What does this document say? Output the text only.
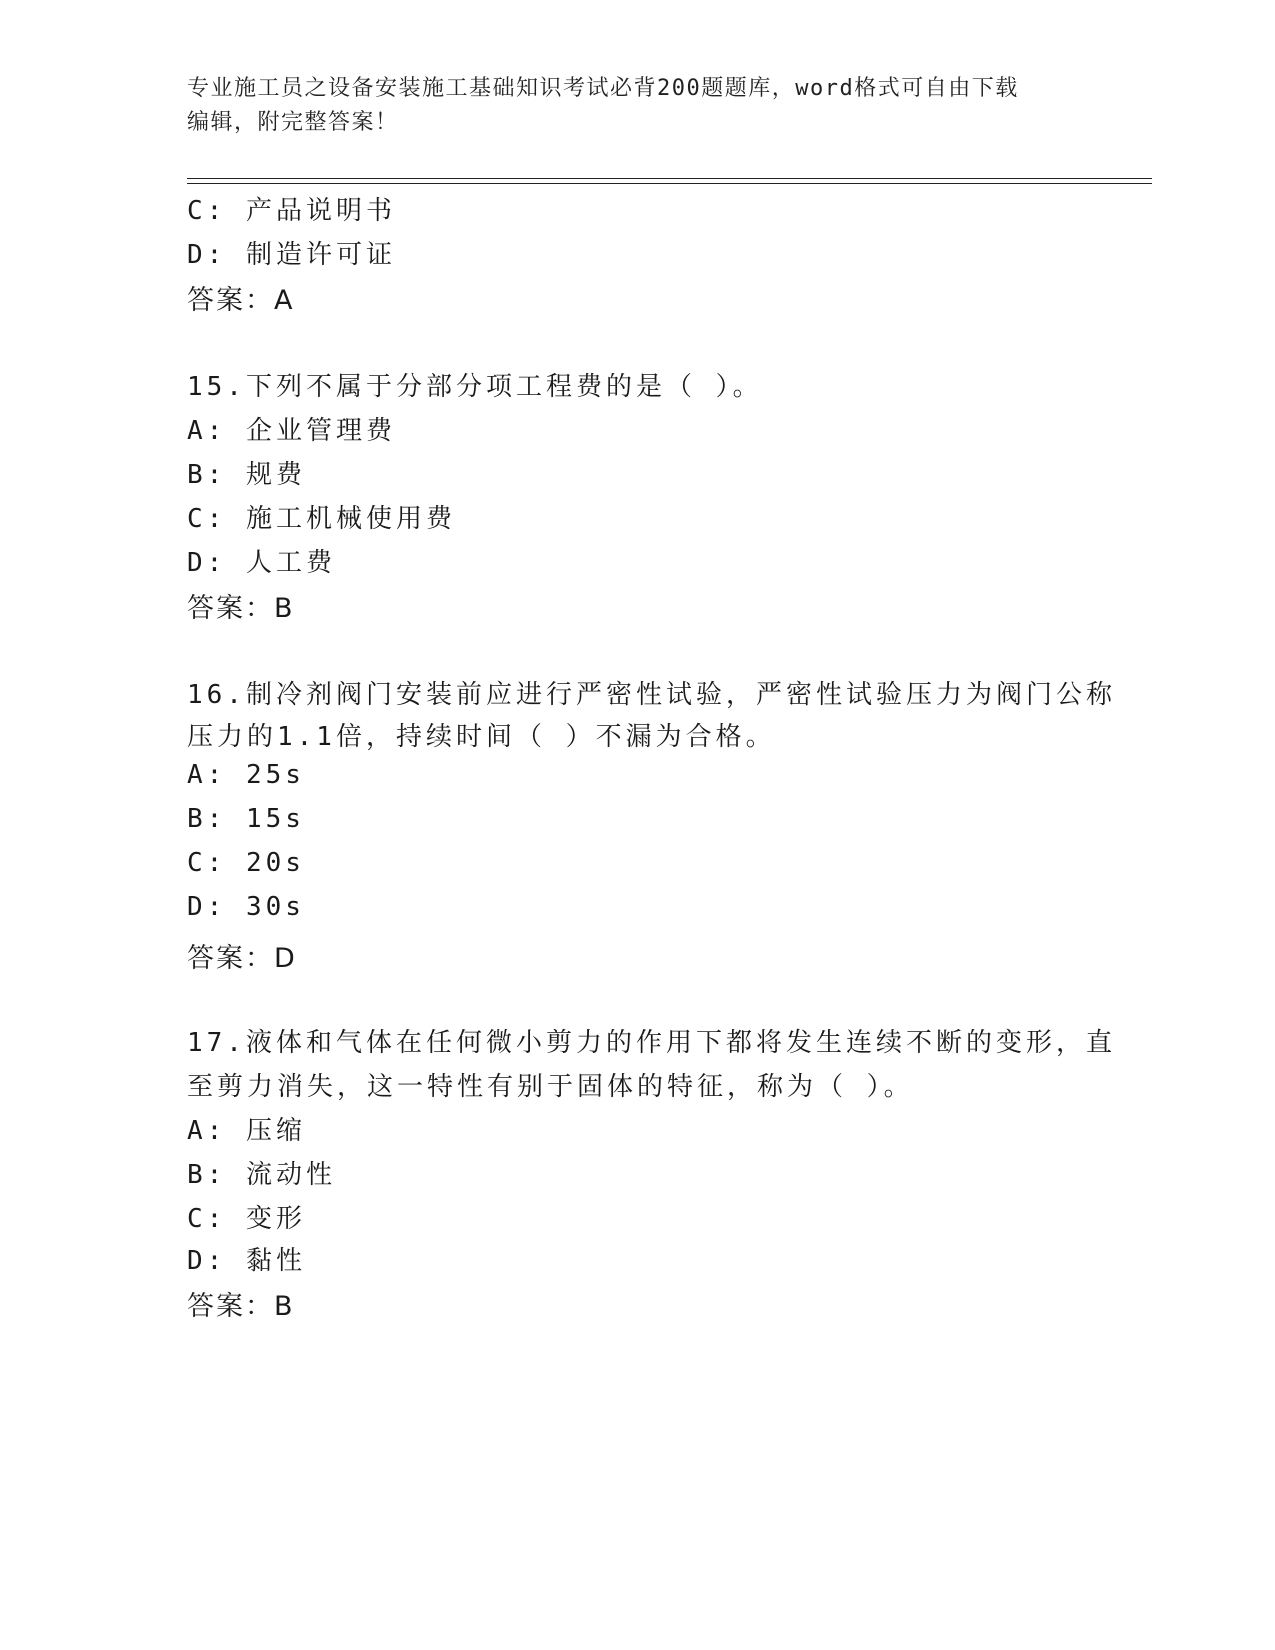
专业施工员之设备安装施工基础知识考试必背200题题库，word格式可自由下载
编辑，附完整答案！
C: 产品说明书
D: 制造许可证
答案：A
15.下列不属于分部分项工程费的是（ ）。
A: 企业管理费
B: 规费
C: 施工机械使用费
D: 人工费
答案：B
16.制冷剂阀门安装前应进行严密性试验，严密性试验压力为阀门公称
压力的1.1倍，持续时间（ ）不漏为合格。
A: 25s
B: 15s
C: 20s
D: 30s
答案：D
17.液体和气体在任何微小剪力的作用下都将发生连续不断的变形，直
至剪力消失，这一特性有别于固体的特征，称为（ ）。
A: 压缩
B: 流动性
C: 变形
D: 黏性
答案：B
